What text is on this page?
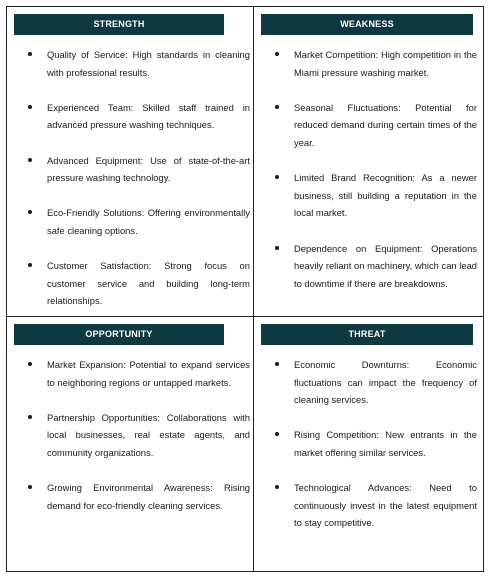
STRENGTH
Quality of Service: High standards in cleaning with professional results.
Experienced Team: Skilled staff trained in advanced pressure washing techniques.
Advanced Equipment: Use of state-of-the-art pressure washing technology.
Eco-Friendly Solutions: Offering environmentally safe cleaning options.
Customer Satisfaction: Strong focus on customer service and building long-term relationships.
WEAKNESS
Market Competition: High competition in the Miami pressure washing market.
Seasonal Fluctuations: Potential for reduced demand during certain times of the year.
Limited Brand Recognition: As a newer business, still building a reputation in the local market.
Dependence on Equipment: Operations heavily reliant on machinery, which can lead to downtime if there are breakdowns.
OPPORTUNITY
Market Expansion: Potential to expand services to neighboring regions or untapped markets.
Partnership Opportunities: Collaborations with local businesses, real estate agents, and community organizations.
Growing Environmental Awareness: Rising demand for eco-friendly cleaning services.
THREAT
Economic Downturns: Economic fluctuations can impact the frequency of cleaning services.
Rising Competition: New entrants in the market offering similar services.
Technological Advances: Need to continuously invest in the latest equipment to stay competitive.
